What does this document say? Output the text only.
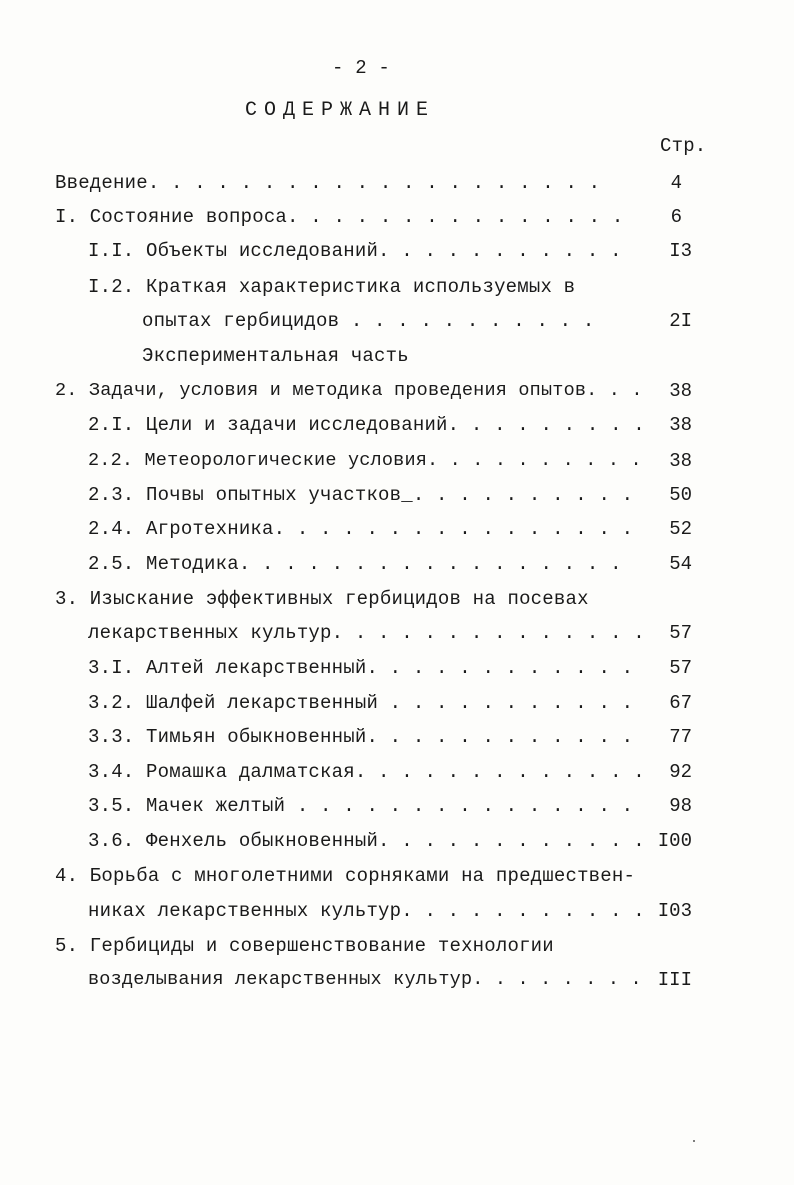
- 2 -
СОДЕРЖАНИЕ
Стр.
Введение. . . . . . . . . . . . . . . . . . . .	4
I. Состояние вопроса. . . . . . . . . . . . . . .	6
I.I. Объекты исследований. . . . . . . . . . .	I3
I.2. Краткая характеристика используемых в
опытах гербицидов . . . . . . . . . . .	2I
Экспериментальная часть
2. Задачи, условия и методика проведения опытов. . .	38
2.I. Цели и задачи исследований. . . . . . . . .	38
2.2. Метеорологические условия. . . . . . . . . .	38
2.3. Почвы опытных участков_. . . . . . . . . .	50
2.4. Агротехника. . . . . . . . . . . . . . . .	52
2.5. Методика. . . . . . . . . . . . . . . . .	54
3. Изыскание эффективных гербицидов на посевах
лекарственных культур. . . . . . . . . . . . . .	57
3.I. Алтей лекарственный. . . . . . . . . . . .	57
3.2. Шалфей лекарственный . . . . . . . . . . .	67
3.3. Тимьян обыкновенный. . . . . . . . . . . .	77
3.4. Ромашка далматская. . . . . . . . . . . . .	92
3.5. Мачек желтый . . . . . . . . . . . . . . .	98
3.6. Фенхель обыкновенный. . . . . . . . . . . . I00
4. Борьба с многолетними сорняками на предшествен-
никах лекарственных культур. . . . . . . . . . . I03
5. Гербициды и совершенствование технологии
возделывания лекарственных культур. . . . . . . . III
